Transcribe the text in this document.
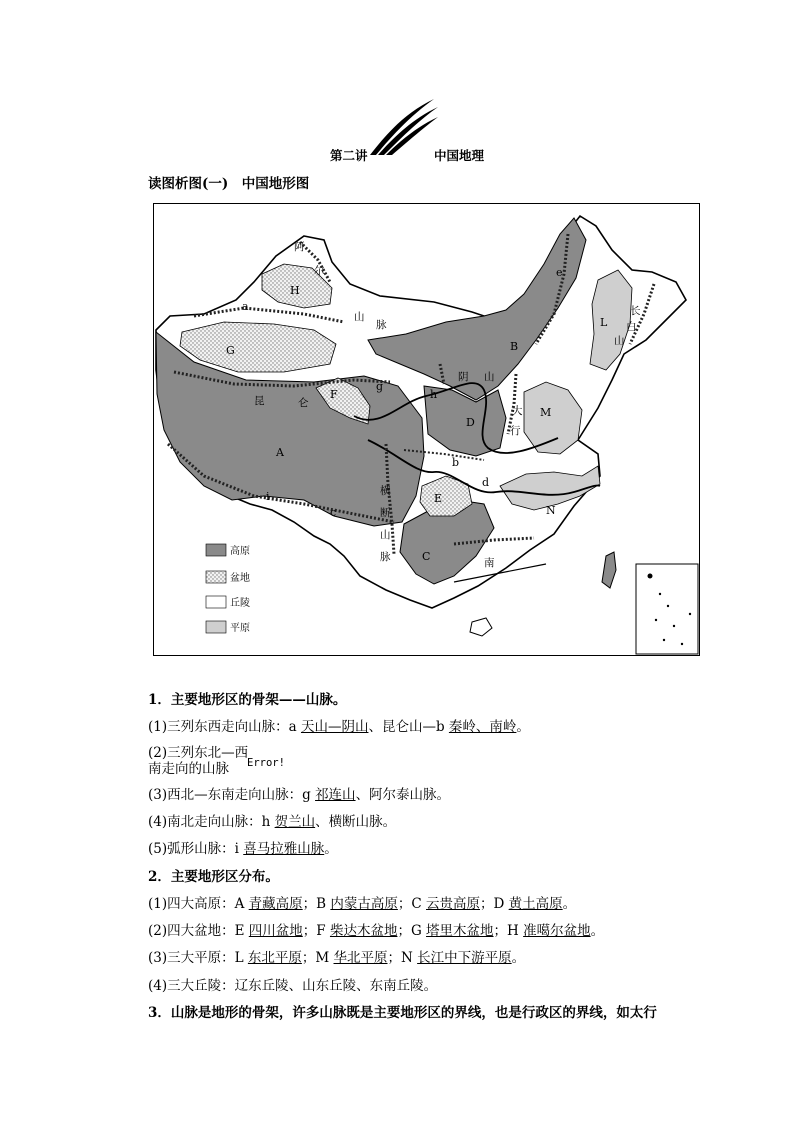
第二讲	中国地理
读图析图(一)　中国地形图
A
B
C
D
E
F
G
H
L
M
N
a
b
c
d
e
g
h
i
昆	仑
阿
尔
山
脉
阴 山
大
行
横
断
山
脉
长
白
山
南
高原
盆地
丘陵
平原
1．主要地形区的骨架——山脉。
(1)三列东西走向山脉：a 天山—阴山、昆仑山—b 秦岭、南岭。
(2)三列东北—西
南走向的山脉 Error!
(3)西北—东南走向山脉：g 祁连山、阿尔泰山脉。
(4)南北走向山脉：h 贺兰山、横断山脉。
(5)弧形山脉：i 喜马拉雅山脉。
2．主要地形区分布。
(1)四大高原：A 青藏高原；B 内蒙古高原；C 云贵高原；D 黄土高原。
(2)四大盆地：E 四川盆地；F 柴达木盆地；G 塔里木盆地；H 准噶尔盆地。
(3)三大平原：L 东北平原；M 华北平原；N 长江中下游平原。
(4)三大丘陵：辽东丘陵、山东丘陵、东南丘陵。
3．山脉是地形的骨架，许多山脉既是主要地形区的界线，也是行政区的界线，如太行
